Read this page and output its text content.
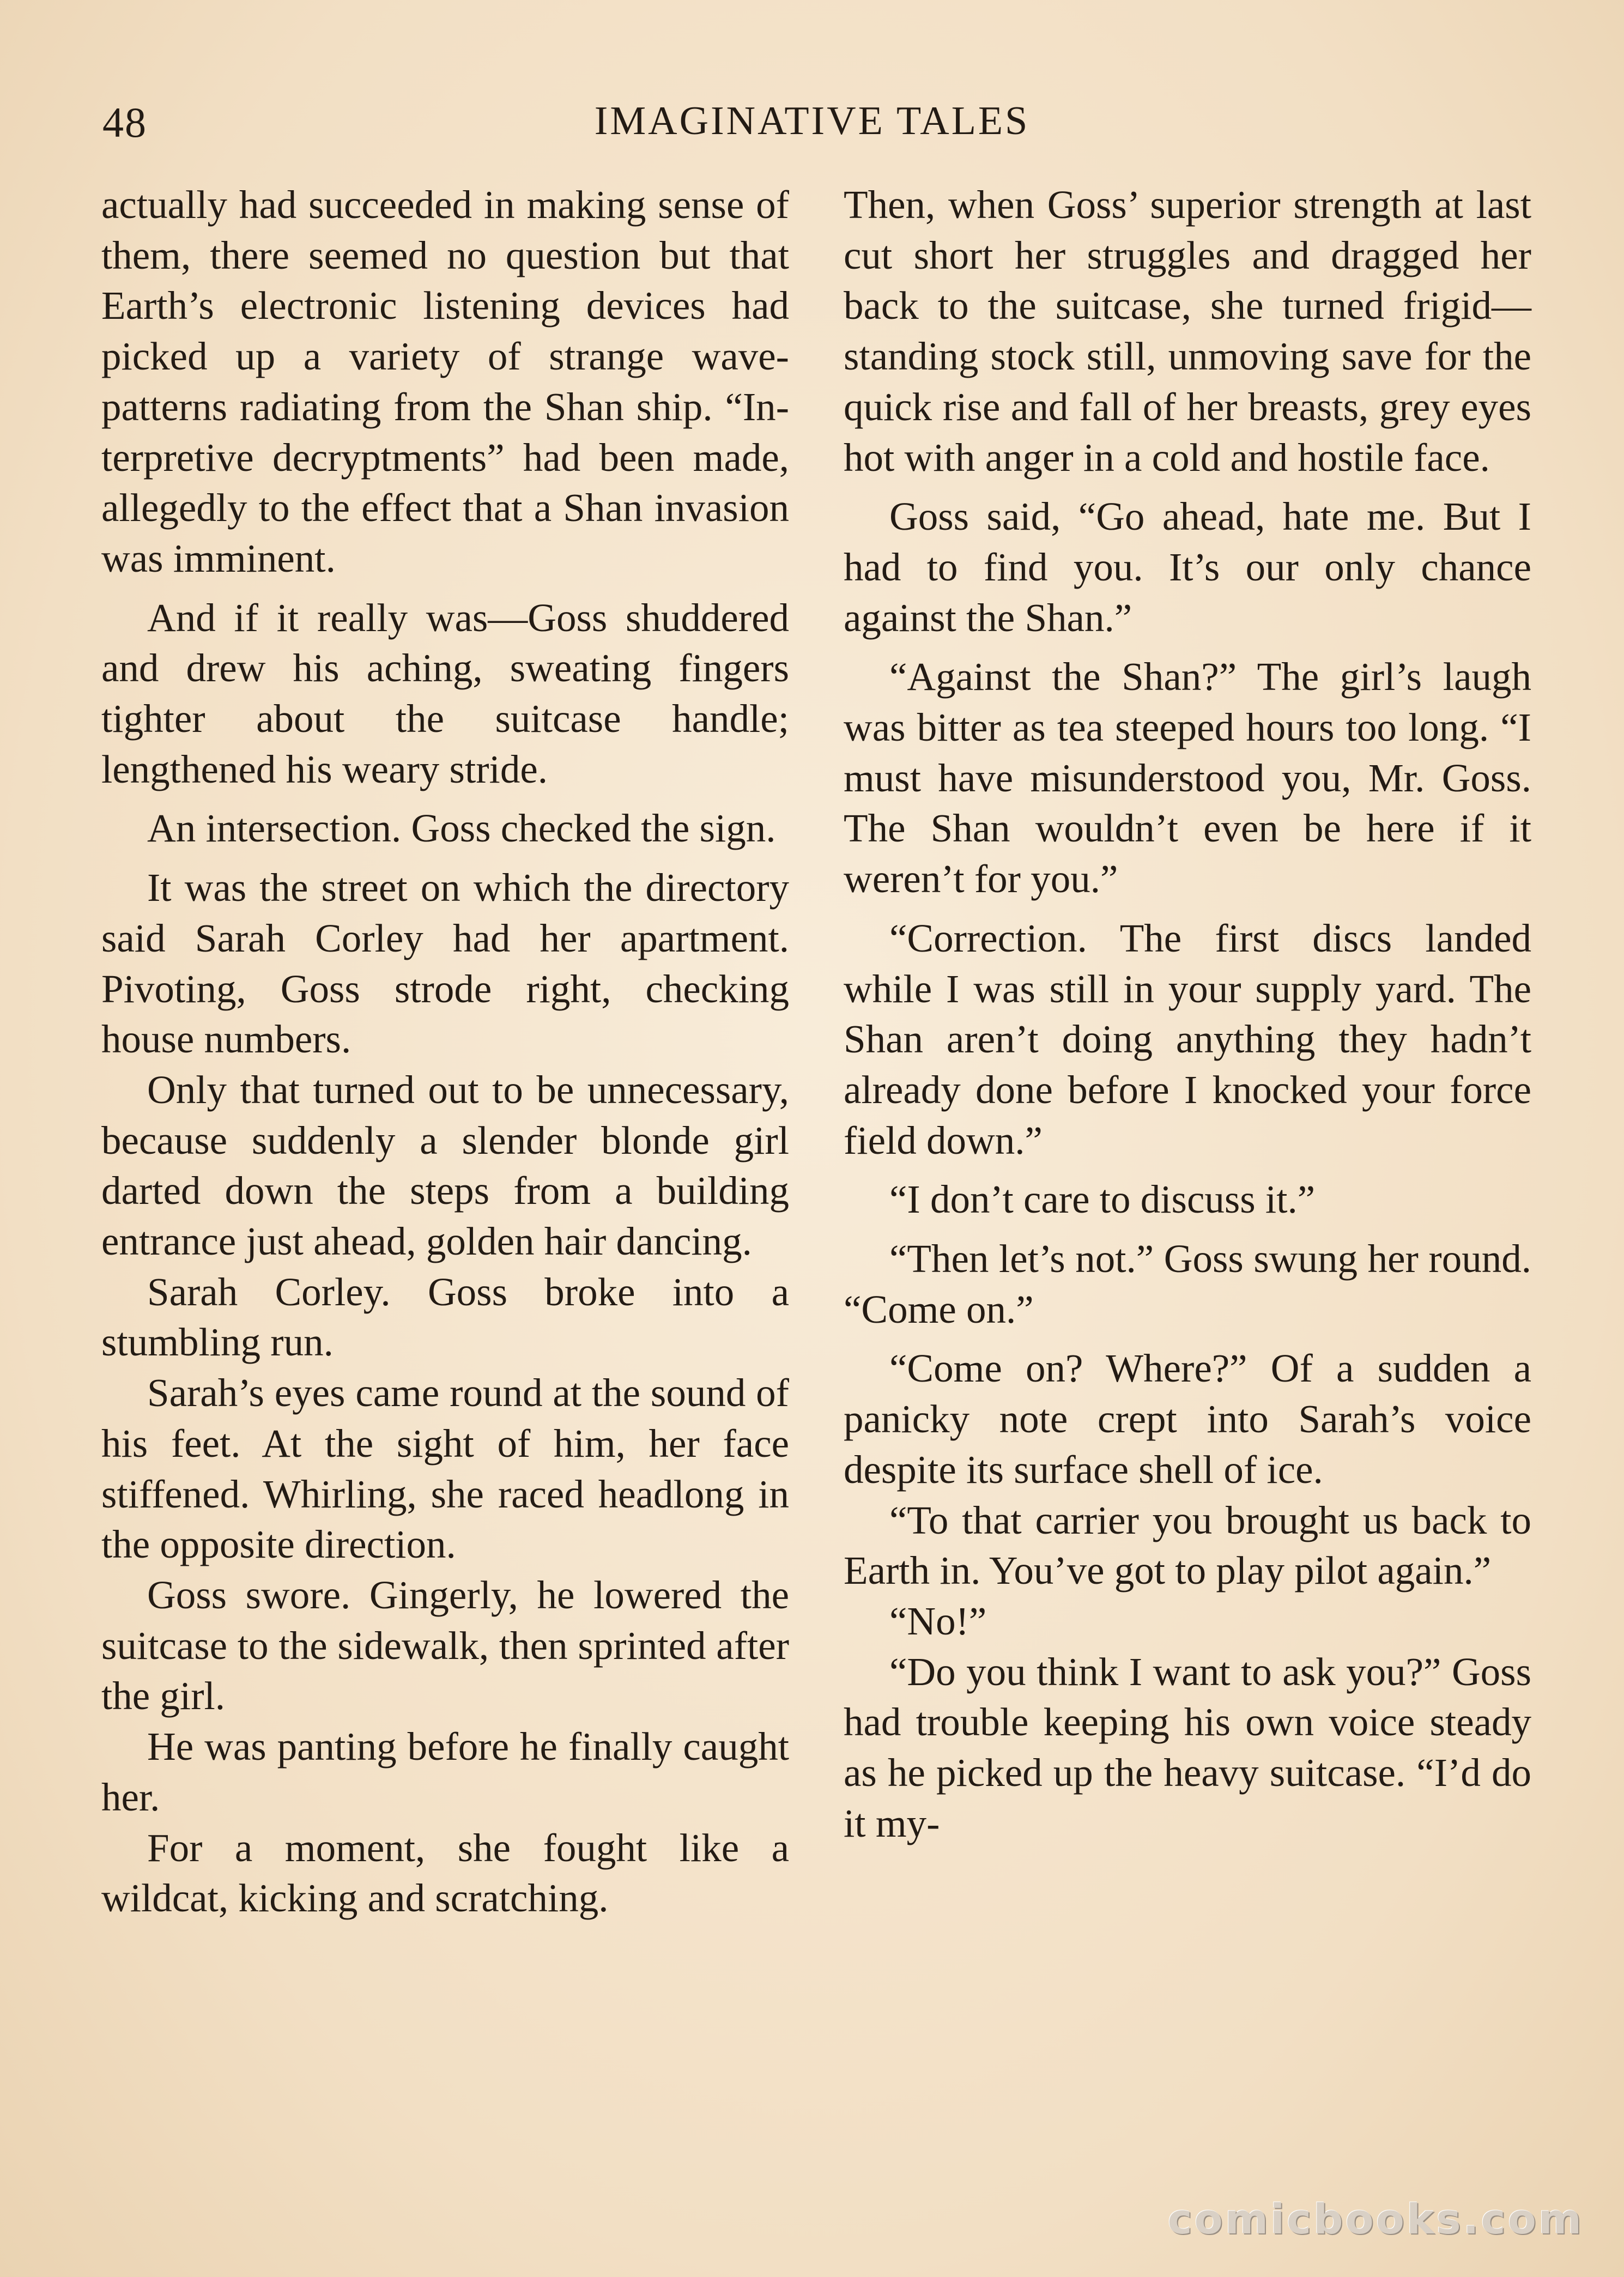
48	IMAGINATIVE TALES

actually had succeeded in making sense of them, there seemed no question but that Earth’s electronic listening devices had picked up a variety of strange wave-patterns radiating from the Shan ship. “Interpretive decryptments” had been made, allegedly to the effect that a Shan invasion was imminent.

And if it really was—Goss shuddered and drew his aching, sweating fingers tighter about the suitcase handle; lengthened his weary stride.

An intersection. Goss checked the sign.

It was the street on which the directory said Sarah Corley had her apartment. Pivoting, Goss strode right, checking house numbers.

Only that turned out to be unnecessary, because suddenly a slender blonde girl darted down the steps from a building entrance just ahead, golden hair dancing.

Sarah Corley. Goss broke into a stumbling run.

Sarah’s eyes came round at the sound of his feet. At the sight of him, her face stiffened. Whirling, she raced headlong in the opposite direction.

Goss swore. Gingerly, he lowered the suitcase to the sidewalk, then sprinted after the girl.

He was panting before he finally caught her.

For a moment, she fought like a wildcat, kicking and scratching.

Then, when Goss’ superior strength at last cut short her struggles and dragged her back to the suitcase, she turned frigid—standing stock still, unmoving save for the quick rise and fall of her breasts, grey eyes hot with anger in a cold and hostile face.

Goss said, “Go ahead, hate me. But I had to find you. It’s our only chance against the Shan.”

“Against the Shan?” The girl’s laugh was bitter as tea steeped hours too long. “I must have misunderstood you, Mr. Goss. The Shan wouldn’t even be here if it weren’t for you.”

“Correction. The first discs landed while I was still in your supply yard. The Shan aren’t doing anything they hadn’t already done before I knocked your force field down.”

“I don’t care to discuss it.”

“Then let’s not.” Goss swung her round. “Come on.”

“Come on? Where?” Of a sudden a panicky note crept into Sarah’s voice despite its surface shell of ice.

“To that carrier you brought us back to Earth in. You’ve got to play pilot again.”

“No!”

“Do you think I want to ask you?” Goss had trouble keeping his own voice steady as he picked up the heavy suitcase. “I’d do it my-

comicbooks.com
